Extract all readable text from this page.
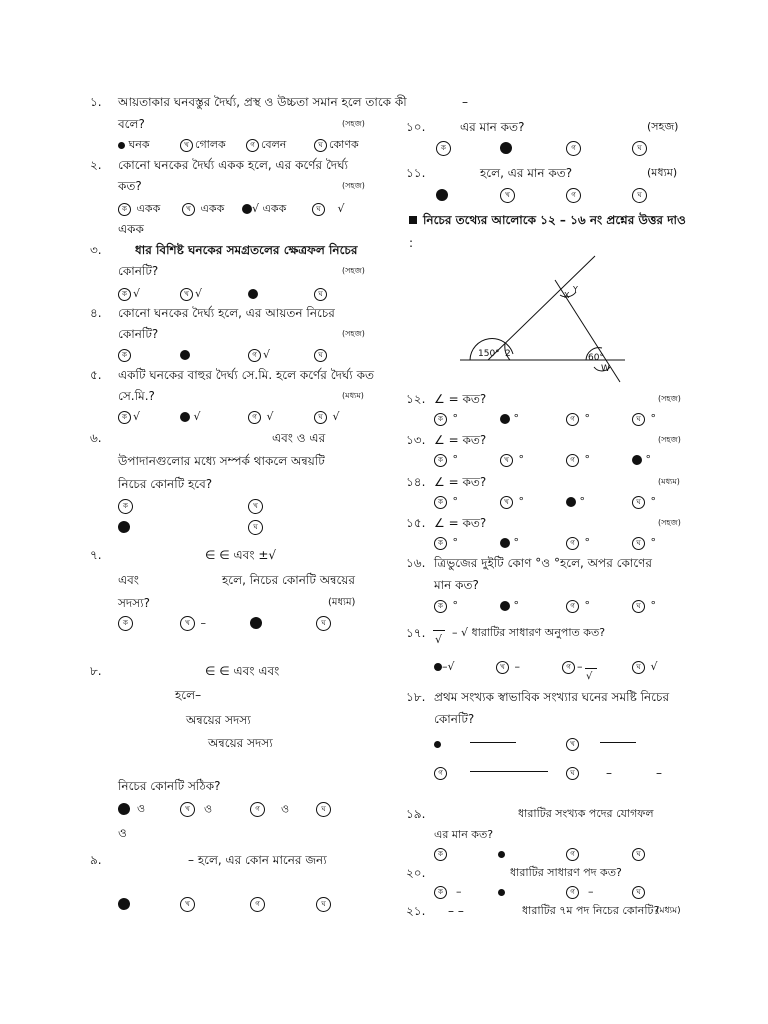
১. আয়তাকার ঘনবস্তুর দৈর্ঘ্য, প্রস্থ ও উচ্চতা সমান হলে তাকে কী
বলে?	(সহজ)
ঘনক	খ গোলক	গ বেলন	ঘ কোণক
২. কোনো ঘনকের দৈর্ঘ্য একক হলে, এর কর্ণের দৈর্ঘ্য
কত?	(সহজ)
ক একক	খ একক	√ একক	ঘ √
একক
৩.	ধার বিশিষ্ট ঘনকের সমগ্রতলের ক্ষেত্রফল নিচের
কোনটি?	(সহজ)
ক √	খ √	ঘ
৪. কোনো ঘনকের দৈর্ঘ্য হলে, এর আয়তন নিচের
কোনটি?	(সহজ)
ক	গ √	ঘ
৫. একটি ঘনকের বাহুর দৈর্ঘ্য সে.মি. হলে কর্ণের দৈর্ঘ্য কত
সে.মি.?	(মধ্যম)
ক √	√	গ √	ঘ √
৬.	এবং ও এর
উপাদানগুলোর মধ্যে সম্পর্ক থাকলে অন্বয়টি
নিচের কোনটি হবে?
ক	খ
ঘ
৭.	∈ ∈ এবং ±√
এবং	হলে, নিচের কোনটি অন্বয়ের
সদস্য?	(মধ্যম)
ক	খ –	ঘ
৮.	∈ ∈ এবং এবং
হলে–
অন্বয়ের সদস্য
অন্বয়ের সদস্য
নিচের কোনটি সঠিক?
ও	খ ও	গ ও	ঘ
ও
৯.	– হলে, এর কোন মানের জন্য
খ	গ	ঘ
–
১০.	এর মান কত?	(সহজ)
ক	গ	ঘ
১১.	হলে, এর মান কত?	(মধ্যম)
খ	গ	ঘ
নিচের তথ্যের আলোকে ১২ – ১৬ নং প্রশ্নের উত্তর দাও
:
150° 2	60°
W
X
Y
১২. ∠ = কত?	(সহজ)
ক °	°	গ °	ঘ °
১৩. ∠ = কত?	(সহজ)
ক °	খ °	গ °	°
১৪. ∠ = কত?	(মধ্যম)
ক °	খ °	°	ঘ °
১৫. ∠ = কত?	(সহজ)
ক °	°	গ °	ঘ °
১৬. ত্রিভুজের দুইটি কোণ °ও °হলে, অপর কোণের
মান কত?
ক °	°	গ °	ঘ °
১৭. √
– √ ধারাটির সাধারণ অনুপাত কত?
–√	খ –	গ –
√
ঘ √
১৮. প্রথম সংখ্যক স্বাভাবিক সংখ্যার ঘনের সমষ্টি নিচের
কোনটি?
খ
গ	ঘ	–	–
১৯.	ধারাটির সংখ্যক পদের যোগফল
এর মান কত?
ক	গ	ঘ
২০.	ধারাটির সাধারণ পদ কত?
ক –	গ –	ঘ
২১. – –	ধারাটির ৭ম পদ নিচের কোনটি?
(মধ্যম)
